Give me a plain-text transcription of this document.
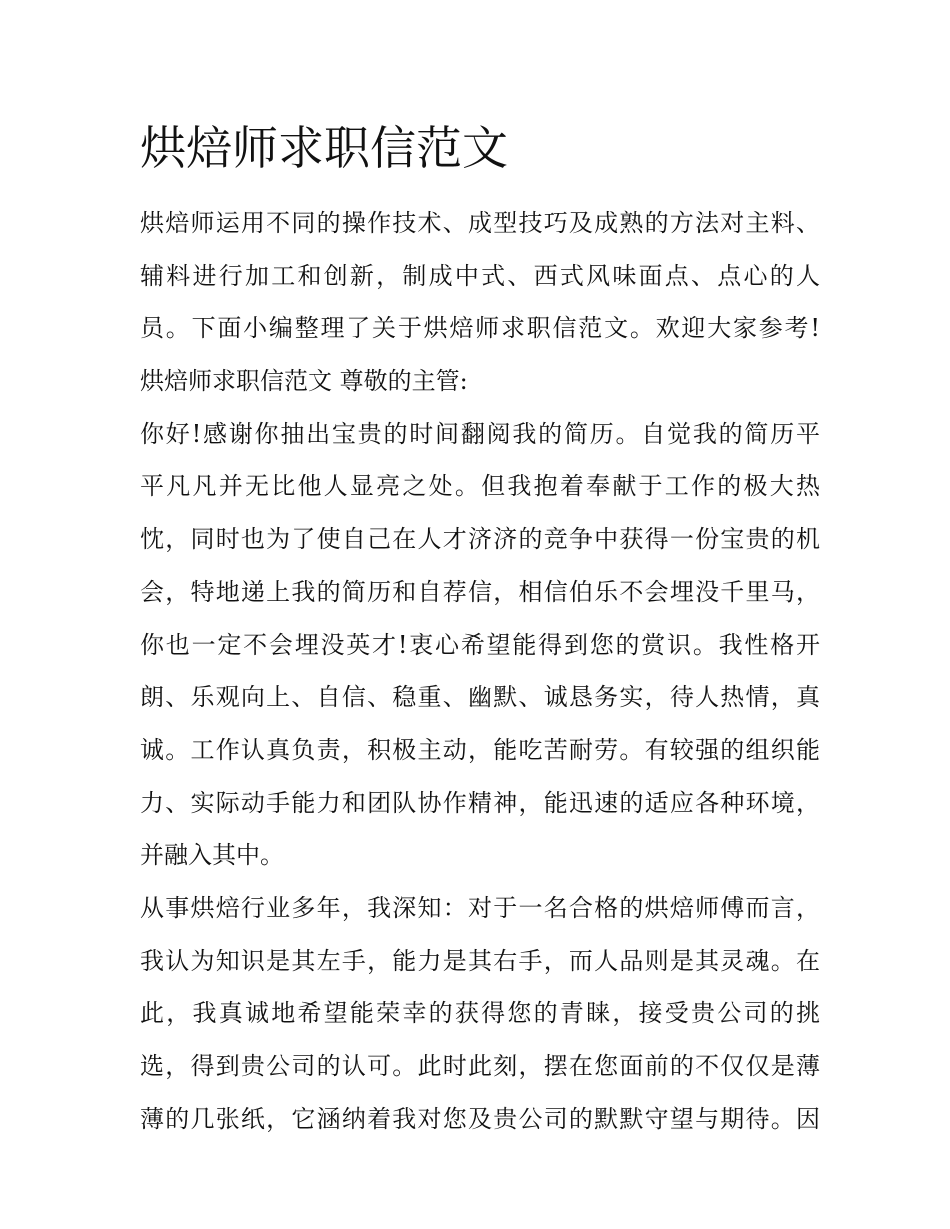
烘焙师求职信范文
烘焙师运用不同的操作技术、成型技巧及成熟的方法对主料、
辅料进行加工和创新，制成中式、西式风味面点、点心的人
员。下面小编整理了关于烘焙师求职信范文。欢迎大家参考!
烘焙师求职信范文 尊敬的主管:
你好!感谢你抽出宝贵的时间翻阅我的简历。自觉我的简历平
平凡凡并无比他人显亮之处。但我抱着奉献于工作的极大热
忱，同时也为了使自己在人才济济的竞争中获得一份宝贵的机
会，特地递上我的简历和自荐信，相信伯乐不会埋没千里马，
你也一定不会埋没英才!衷心希望能得到您的赏识。我性格开
朗、乐观向上、自信、稳重、幽默、诚恳务实，待人热情，真
诚。工作认真负责，积极主动，能吃苦耐劳。有较强的组织能
力、实际动手能力和团队协作精神，能迅速的适应各种环境，
并融入其中。
从事烘焙行业多年，我深知：对于一名合格的烘焙师傅而言，
我认为知识是其左手，能力是其右手，而人品则是其灵魂。在
此，我真诚地希望能荣幸的获得您的青睐，接受贵公司的挑
选，得到贵公司的认可。此时此刻，摆在您面前的不仅仅是薄
薄的几张纸，它涵纳着我对您及贵公司的默默守望与期待。因
